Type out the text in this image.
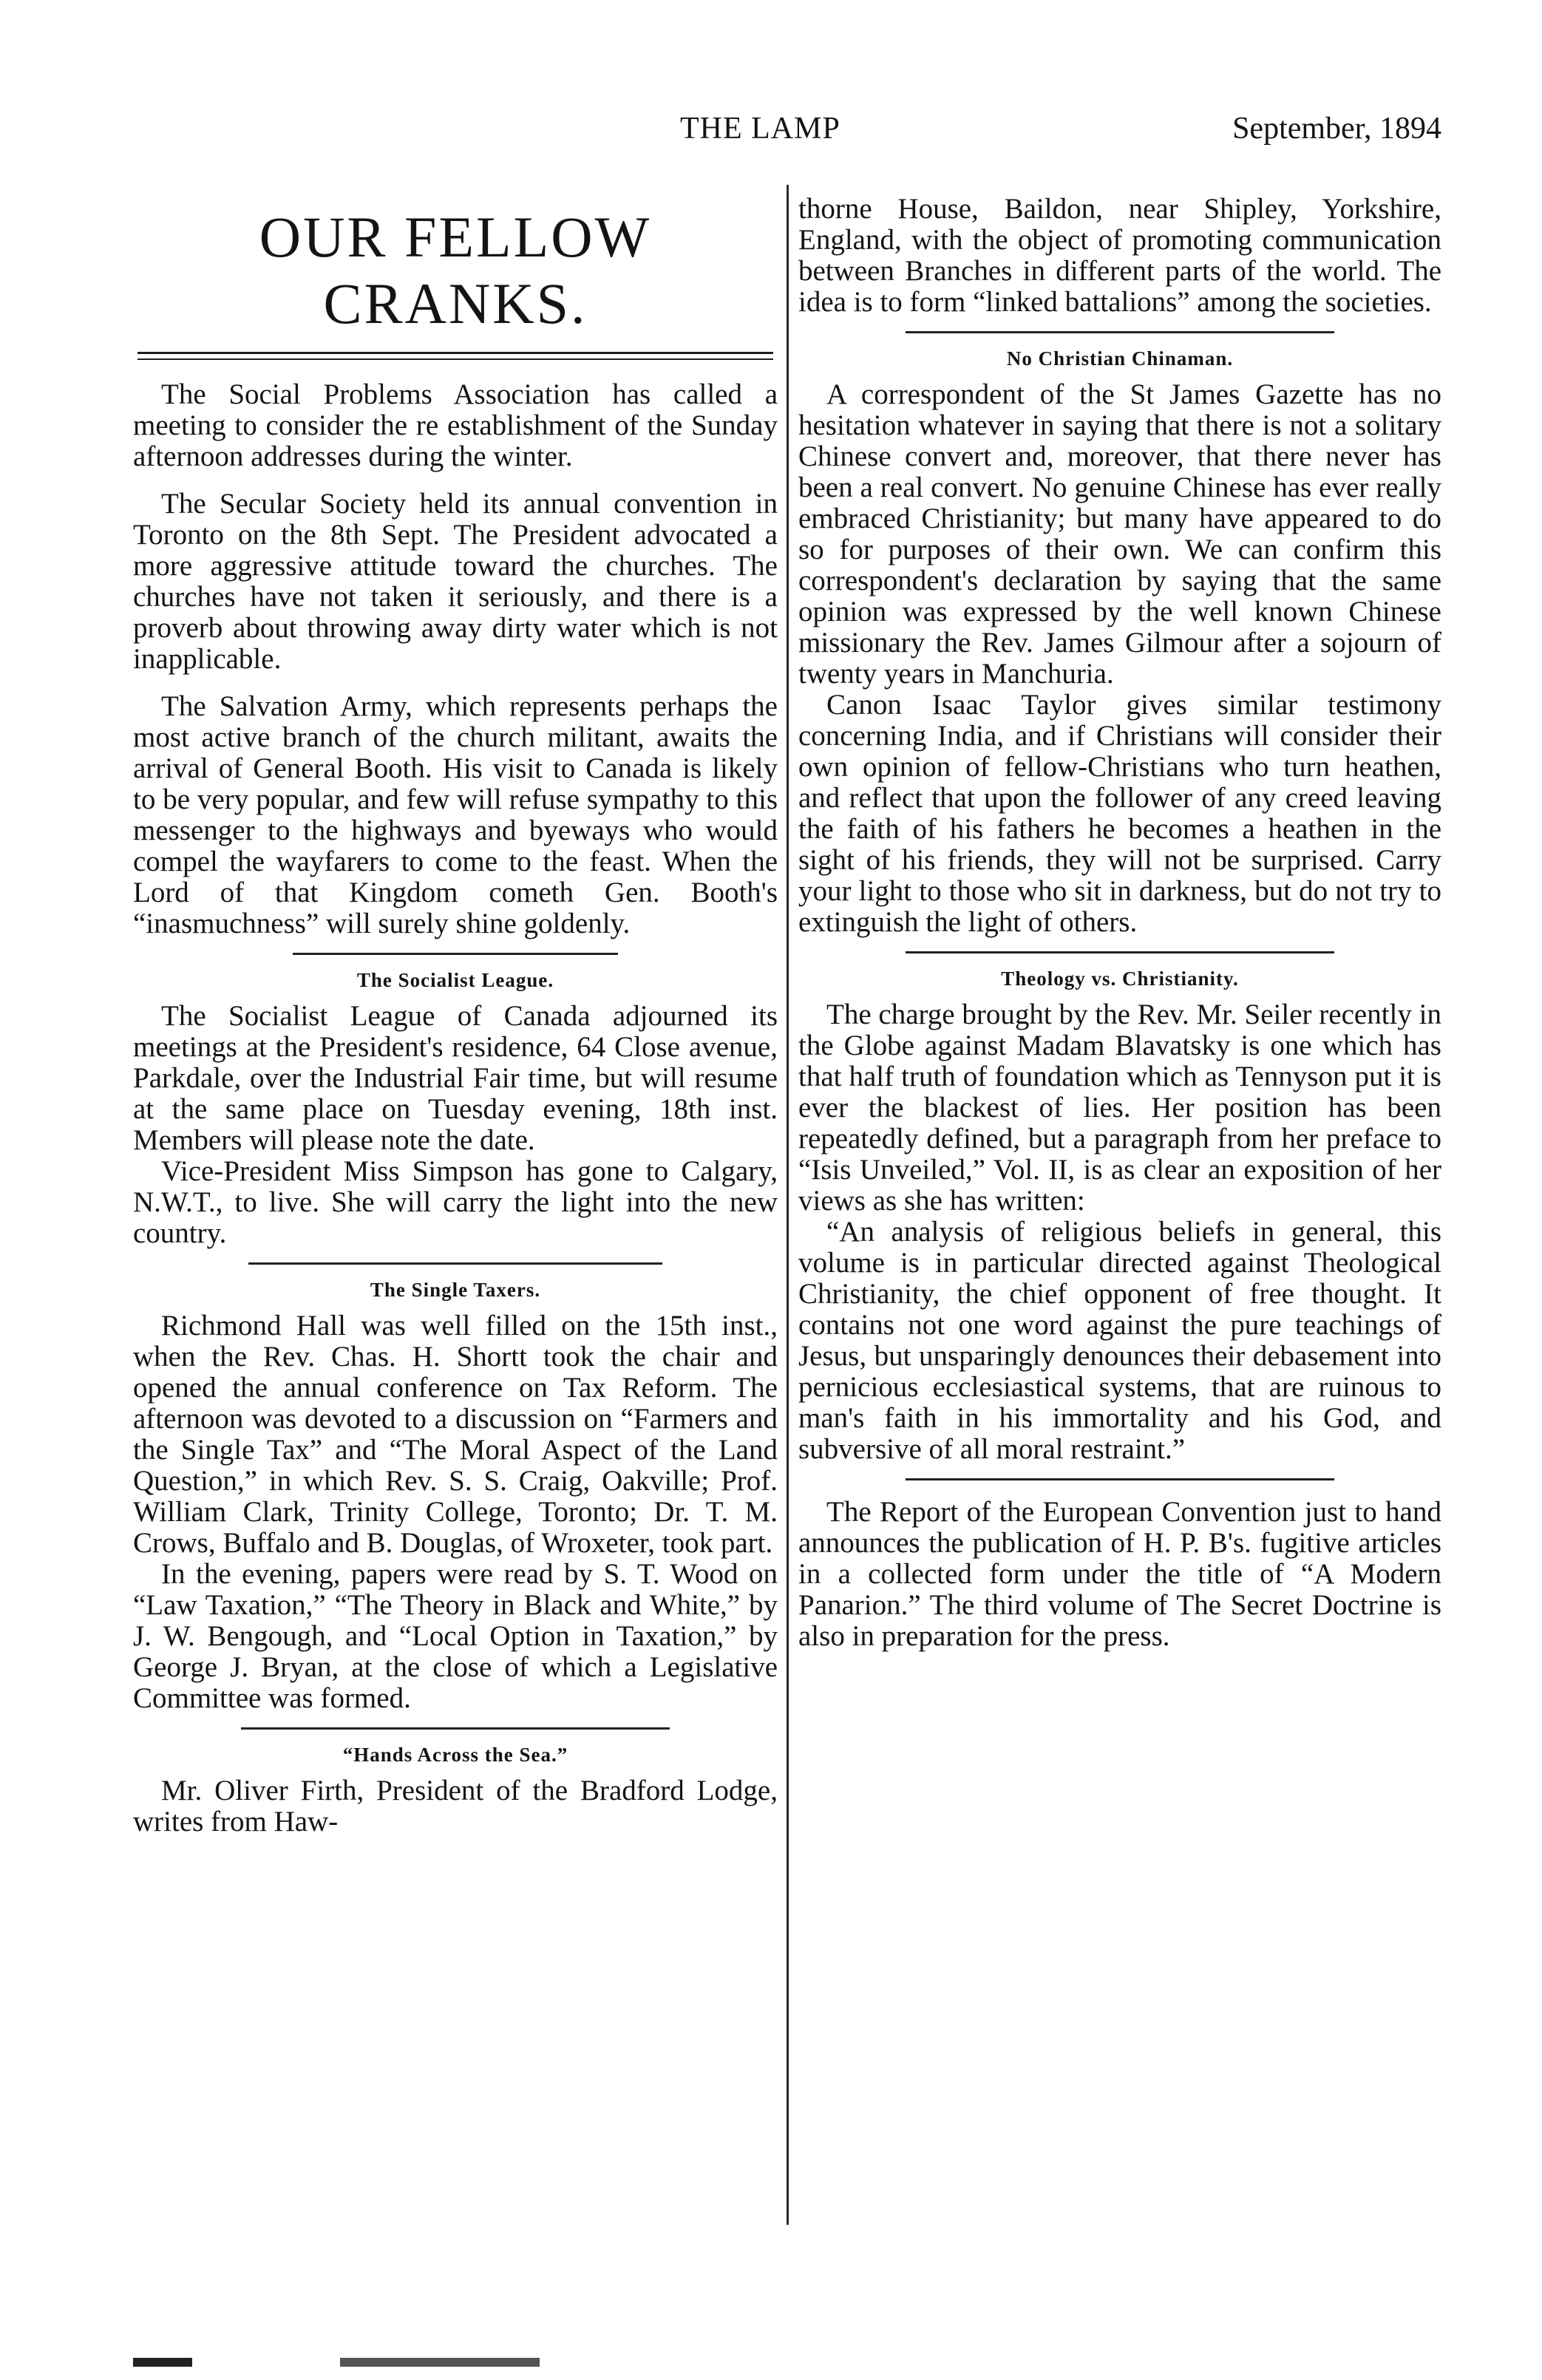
THE LAMP	September, 1894
OUR FELLOW CRANKS.

The Social Problems Association has called a meeting to consider the re establishment of the Sunday afternoon addresses during the winter.

The Secular Society held its annual convention in Toronto on the 8th Sept. The President advocated a more aggressive attitude toward the churches. The churches have not taken it seriously, and there is a proverb about throwing away dirty water which is not inapplicable.

The Salvation Army, which represents perhaps the most active branch of the church militant, awaits the arrival of General Booth. His visit to Canada is likely to be very popular, and few will refuse sympathy to this messenger to the highways and byeways who would compel the wayfarers to come to the feast. When the Lord of that Kingdom cometh Gen. Booth's “inasmuchness” will surely shine goldenly.

The Socialist League.

The Socialist League of Canada adjourned its meetings at the President's residence, 64 Close avenue, Parkdale, over the Industrial Fair time, but will resume at the same place on Tuesday evening, 18th inst. Members will please note the date.

Vice-President Miss Simpson has gone to Calgary, N.W.T., to live. She will carry the light into the new country.

The Single Taxers.

Richmond Hall was well filled on the 15th inst., when the Rev. Chas. H. Shortt took the chair and opened the annual conference on Tax Reform. The afternoon was devoted to a discussion on “Farmers and the Single Tax” and “The Moral Aspect of the Land Question,” in which Rev. S. S. Craig, Oakville; Prof. William Clark, Trinity College, Toronto; Dr. T. M. Crows, Buffalo and B. Douglas, of Wroxeter, took part.

In the evening, papers were read by S. T. Wood on “Law Taxation,” “The Theory in Black and White,” by J. W. Bengough, and “Local Option in Taxation,” by George J. Bryan, at the close of which a Legislative Committee was formed.

“Hands Across the Sea.”

Mr. Oliver Firth, President of the Bradford Lodge, writes from Haw-

thorne House, Baildon, near Shipley, Yorkshire, England, with the object of promoting communication between Branches in different parts of the world. The idea is to form “linked battalions” among the societies.

No Christian Chinaman.

A correspondent of the St James Gazette has no hesitation whatever in saying that there is not a solitary Chinese convert and, moreover, that there never has been a real convert. No genuine Chinese has ever really embraced Christianity; but many have appeared to do so for purposes of their own. We can confirm this correspondent's declaration by saying that the same opinion was expressed by the well known Chinese missionary the Rev. James Gilmour after a sojourn of twenty years in Manchuria.

Canon Isaac Taylor gives similar testimony concerning India, and if Christians will consider their own opinion of fellow-Christians who turn heathen, and reflect that upon the follower of any creed leaving the faith of his fathers he becomes a heathen in the sight of his friends, they will not be surprised. Carry your light to those who sit in darkness, but do not try to extinguish the light of others.

Theology vs. Christianity.

The charge brought by the Rev. Mr. Seiler recently in the Globe against Madam Blavatsky is one which has that half truth of foundation which as Tennyson put it is ever the blackest of lies. Her position has been repeatedly defined, but a paragraph from her preface to “Isis Unveiled,” Vol. II, is as clear an exposition of her views as she has written:

“An analysis of religious beliefs in general, this volume is in particular directed against Theological Christianity, the chief opponent of free thought. It contains not one word against the pure teachings of Jesus, but unsparingly denounces their debasement into pernicious ecclesiastical systems, that are ruinous to man's faith in his immortality and his God, and subversive of all moral restraint.”

The Report of the European Convention just to hand announces the publication of H. P. B's. fugitive articles in a collected form under the title of “A Modern Panarion.” The third volume of The Secret Doctrine is also in preparation for the press.
